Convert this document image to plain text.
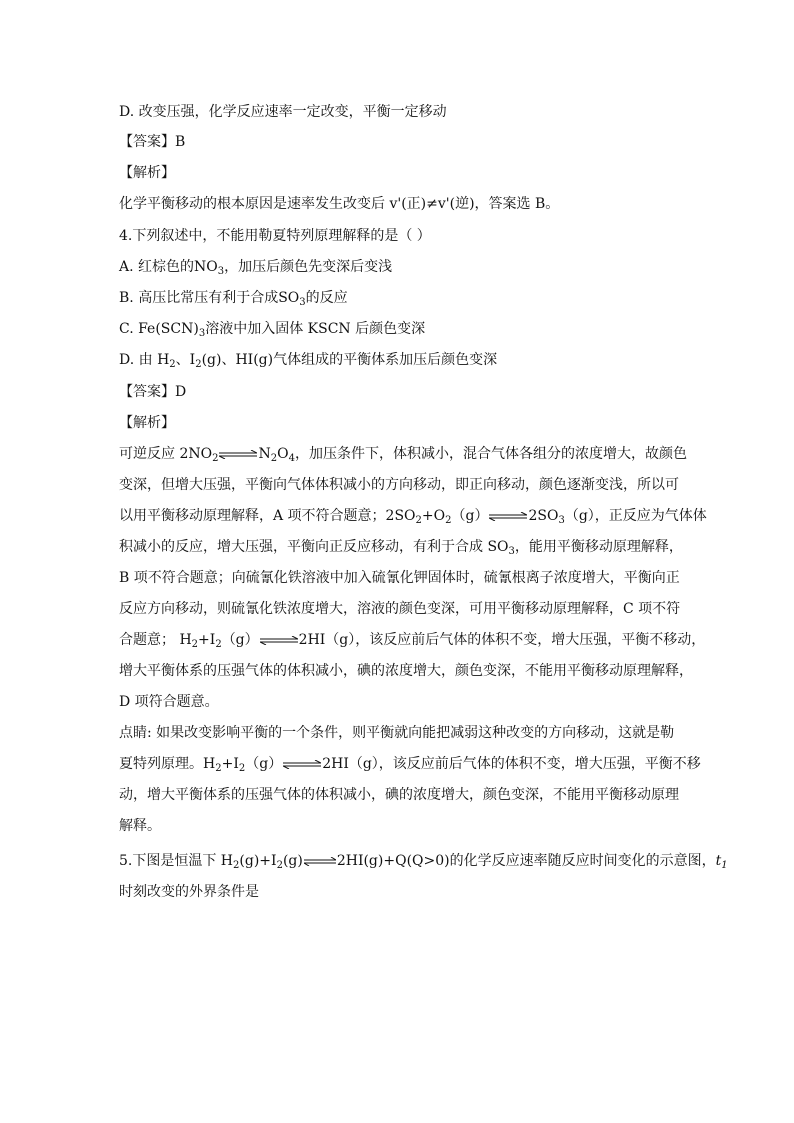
D. 改变压强，化学反应速率一定改变，平衡一定移动
【答案】B
【解析】
化学平衡移动的根本原因是速率发生改变后 v'(正)≠v'(逆)，答案选 B。
4.下列叙述中，不能用勒夏特列原理解释的是（ ）
A. 红棕色的$NO_3$，加压后颜色先变深后变浅
B. 高压比常压有利于合成$SO_3$的反应
C. $Fe(SCN)_3$溶液中加入固体 KSCN 后颜色变深
D. 由 $H_2$、$I_2(g)$、HI(g)气体组成的平衡体系加压后颜色变深
【答案】D
【解析】
可逆反应 $2NO_2\rightleftharpoons N_2O_4$，加压条件下，体积减小，混合气体各组分的浓度增大，故颜色
变深，但增大压强，平衡向气体体积减小的方向移动，即正向移动，颜色逐渐变浅，所以可
以用平衡移动原理解释，A 项不符合题意；$2SO_2+O_2(g)\rightleftharpoons 2SO_3(g)$，正反应为气体体
积减小的反应，增大压强，平衡向正反应移动，有利于合成 $SO_3$，能用平衡移动原理解释，
B 项不符合题意；向硫氰化铁溶液中加入硫氰化钾固体时，硫氰根离子浓度增大，平衡向正
反应方向移动，则硫氰化铁浓度增大，溶液的颜色变深，可用平衡移动原理解释，C 项不符
合题意； $H_2+I_2(g)\rightleftharpoons 2HI(g)$，该反应前后气体的体积不变，增大压强，平衡不移动，
增大平衡体系的压强气体的体积减小，碘的浓度增大，颜色变深，不能用平衡移动原理解释，
D 项符合题意。
点睛: 如果改变影响平衡的一个条件，则平衡就向能把减弱这种改变的方向移动，这就是勒
夏特列原理。$H_2+I_2(g)\rightleftharpoons 2HI(g)$，该反应前后气体的体积不变，增大压强，平衡不移
动，增大平衡体系的压强气体的体积减小，碘的浓度增大，颜色变深，不能用平衡移动原理
解释。
5.下图是恒温下 $H_2(g)+I_2(g)\rightleftharpoons 2HI(g)+Q(Q>0)$的化学反应速率随反应时间变化的示意图，$t_1$
时刻改变的外界条件是
